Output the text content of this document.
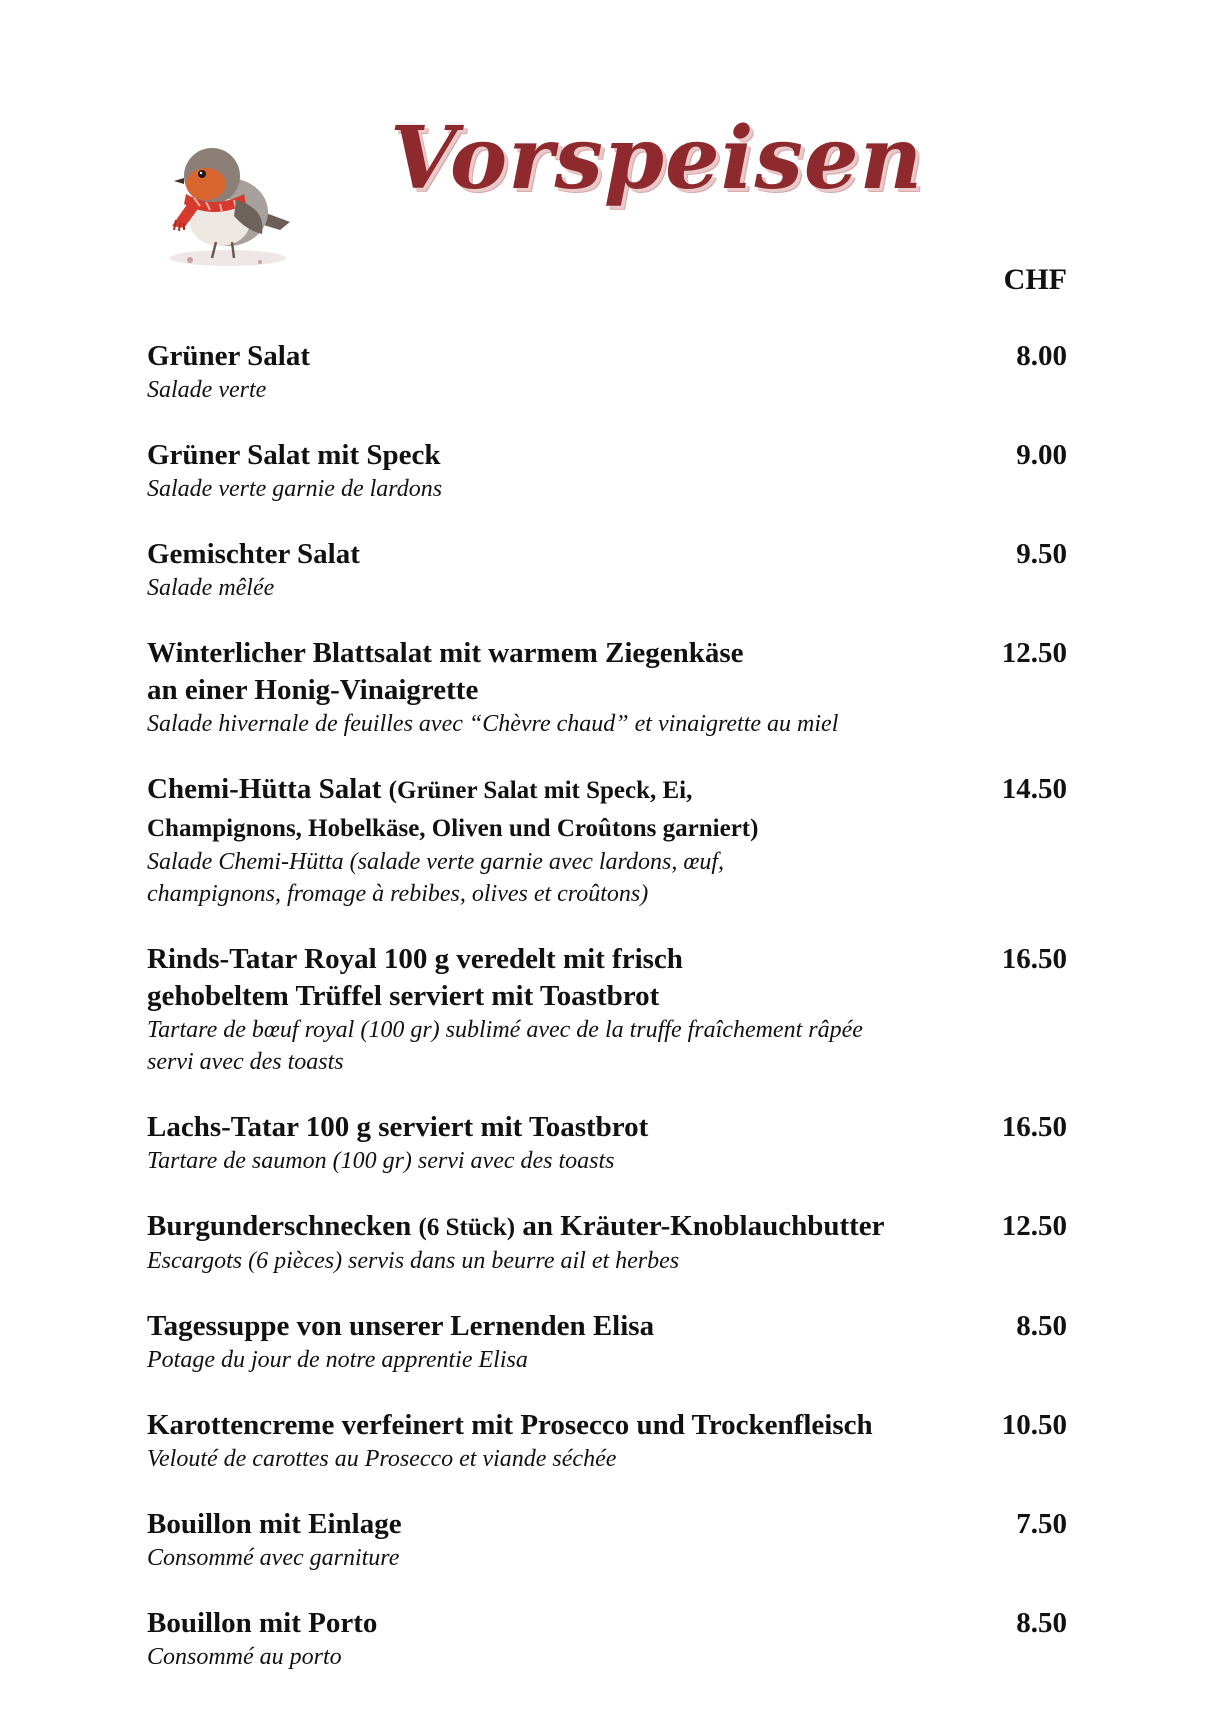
Vorspeisen
CHF
Grüner Salat
Salade verte
8.00
Grüner Salat mit Speck
Salade verte garnie de lardons
9.00
Gemischter Salat
Salade mêlée
9.50
Winterlicher Blattsalat mit warmem Ziegenkäse
an einer Honig-Vinaigrette
Salade hivernale de feuilles avec “Chèvre chaud” et vinaigrette au miel
12.50
Chemi-Hütta Salat (Grüner Salat mit Speck, Ei,
Champignons, Hobelkäse, Oliven und Croûtons garniert)
Salade Chemi-Hütta (salade verte garnie avec lardons, œuf,
champignons, fromage à rebibes, olives et croûtons)
14.50
Rinds-Tatar Royal 100 g veredelt mit frisch
gehobeltem Trüffel serviert mit Toastbrot
Tartare de bœuf royal (100 gr) sublimé avec de la truffe fraîchement râpée
servi avec des toasts
16.50
Lachs-Tatar 100 g serviert mit Toastbrot
Tartare de saumon (100 gr) servi avec des toasts
16.50
Burgunderschnecken (6 Stück) an Kräuter-Knoblauchbutter
Escargots (6 pièces) servis dans un beurre ail et herbes
12.50
Tagessuppe von unserer Lernenden Elisa
Potage du jour de notre apprentie Elisa
8.50
Karottencreme verfeinert mit Prosecco und Trockenfleisch
Velouté de carottes au Prosecco et viande séchée
10.50
Bouillon mit Einlage
Consommé avec garniture
7.50
Bouillon mit Porto
Consommé au porto
8.50
